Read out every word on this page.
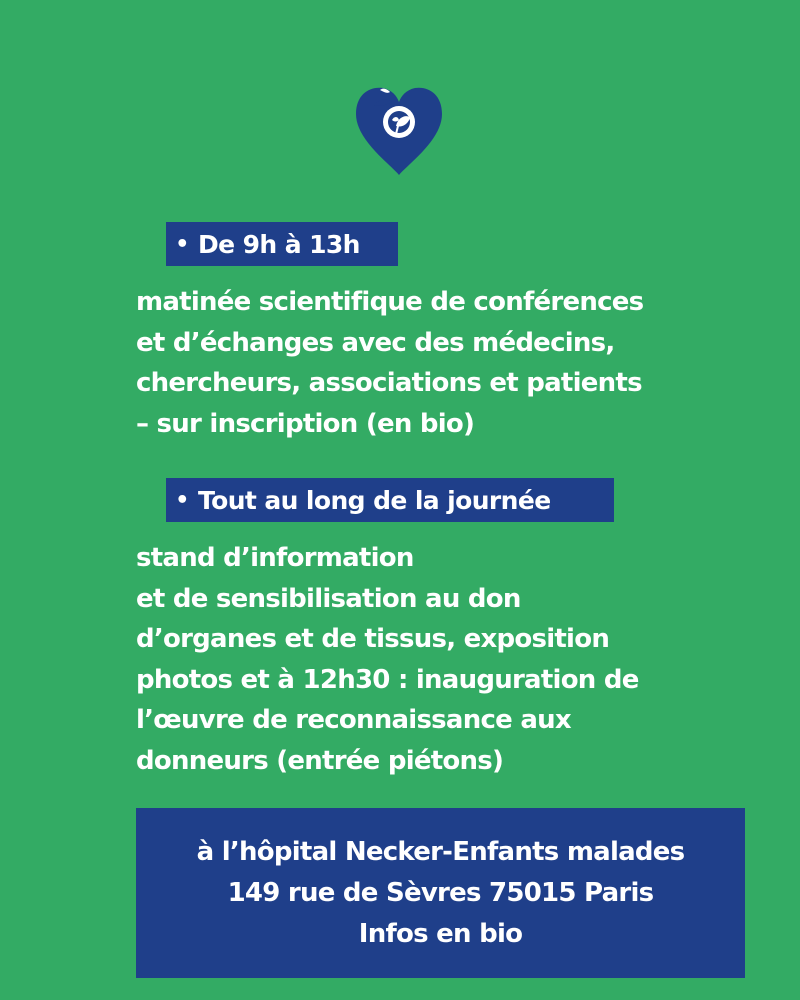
• De 9h à 13h
matinée scientifique de conférences
et d’échanges avec des médecins,
chercheurs, associations et patients
– sur inscription (en bio)
• Tout au long de la journée
stand d’information
et de sensibilisation au don
d’organes et de tissus, exposition
photos et à 12h30 : inauguration de
l’œuvre de reconnaissance aux
donneurs (entrée piétons)
à l’hôpital Necker-Enfants malades
149 rue de Sèvres 75015 Paris
Infos en bio
